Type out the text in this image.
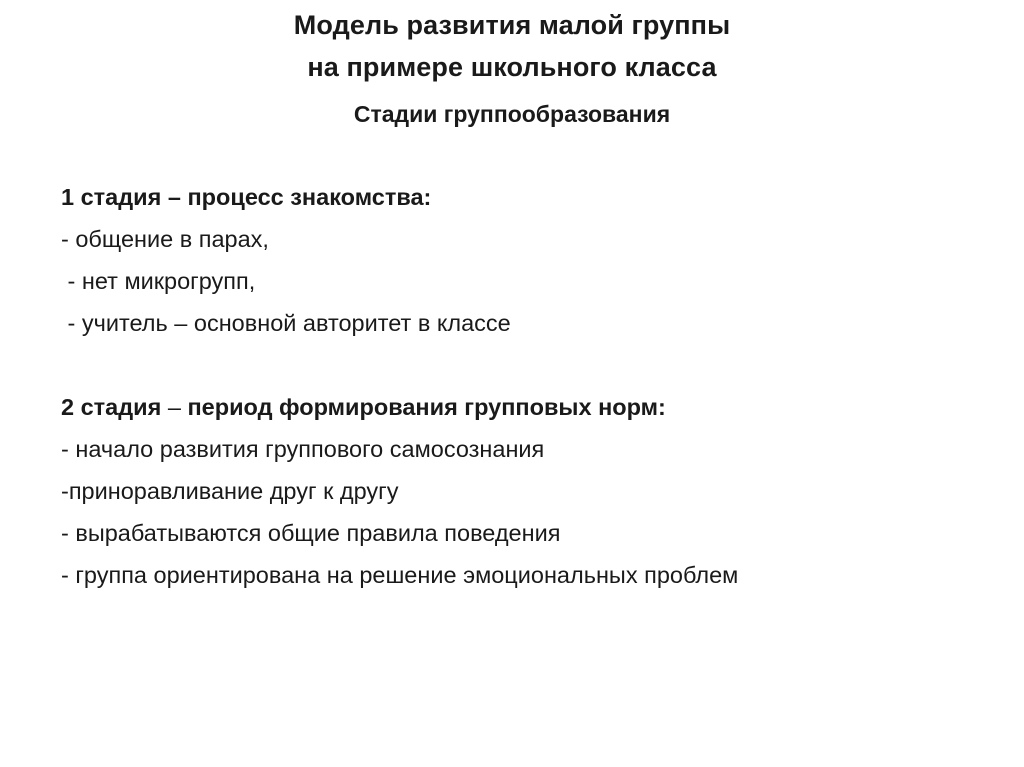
Модель развития малой группы
на примере школьного класса
Стадии группообразования
1 стадия – процесс знакомства:
- общение в парах,
- нет микрогрупп,
- учитель – основной авторитет в классе
2 стадия – период формирования групповых норм:
- начало развития группового самосознания
-приноравливание друг к другу
- вырабатываются общие правила поведения
- группа ориентирована на решение эмоциональных проблем
